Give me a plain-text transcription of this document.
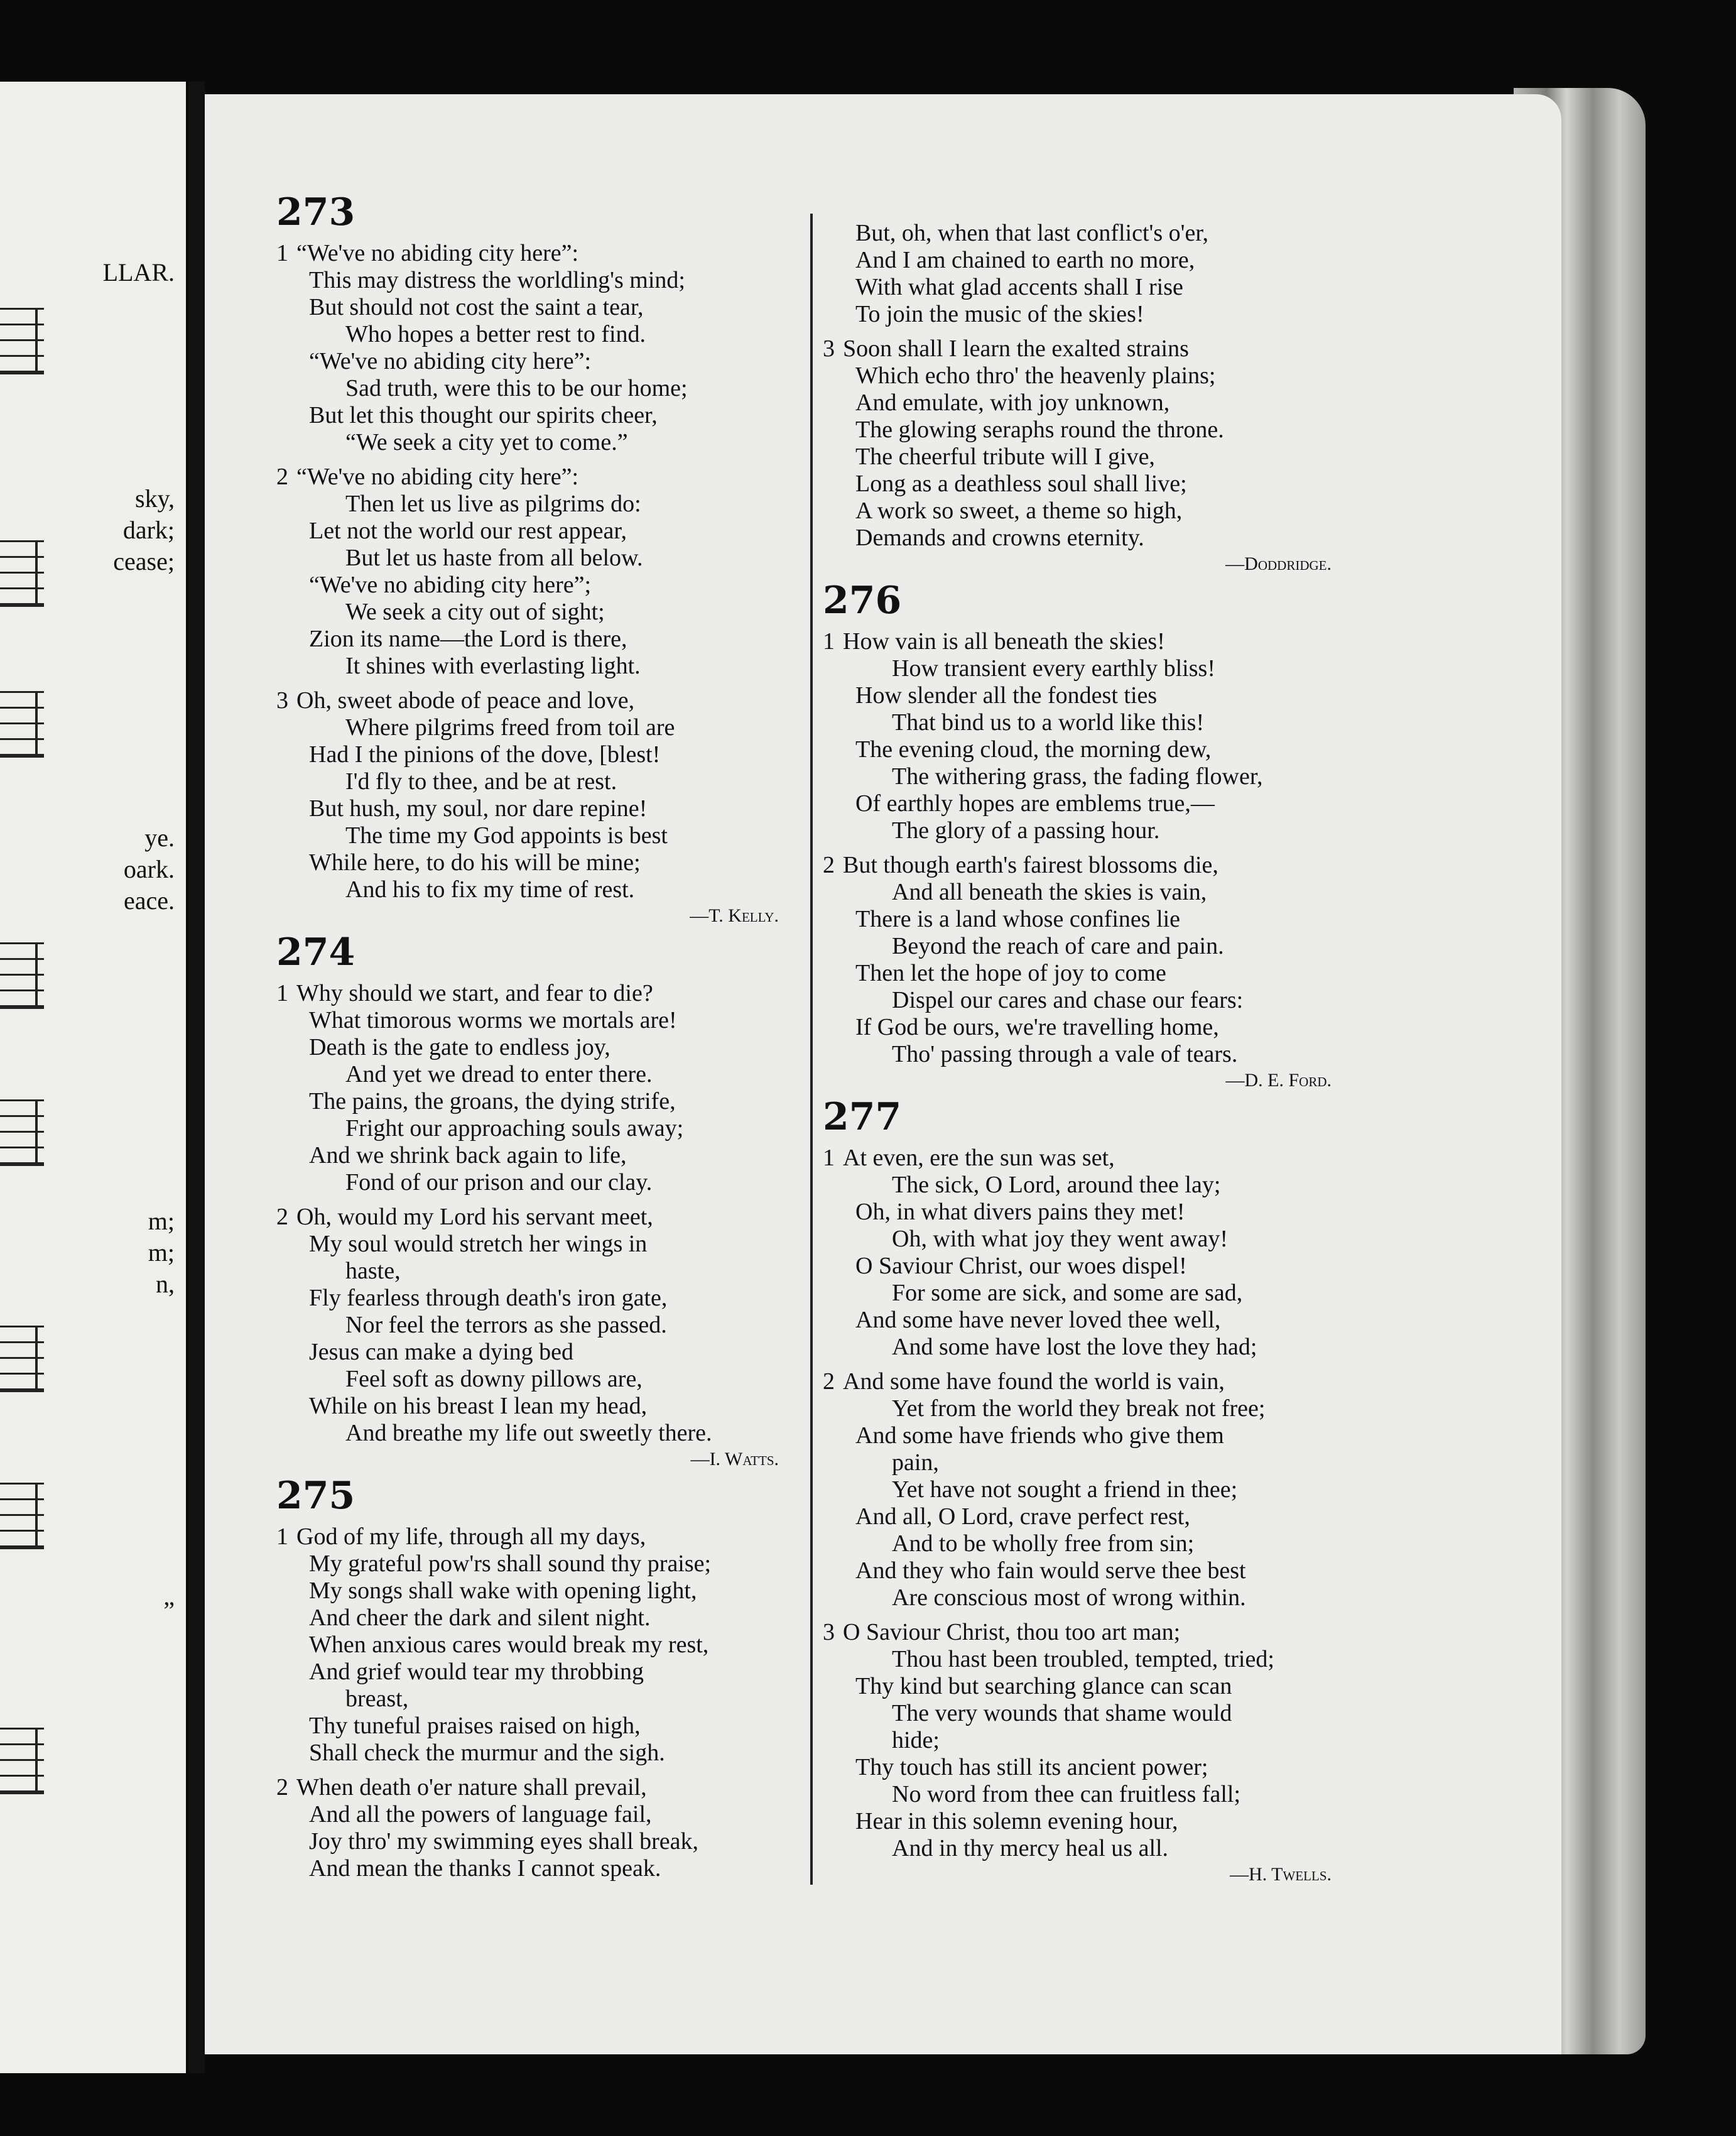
LLAR.
sky,
dark;
cease;
ye.
oark.
eace.
m;
m;
n,
”
273
1 “We've no abiding city here”:
This may distress the worldling's mind;
But should not cost the saint a tear,
Who hopes a better rest to find.
“We've no abiding city here”:
Sad truth, were this to be our home;
But let this thought our spirits cheer,
“We seek a city yet to come.”
2 “We've no abiding city here”:
Then let us live as pilgrims do:
Let not the world our rest appear,
But let us haste from all below.
“We've no abiding city here”;
We seek a city out of sight;
Zion its name—the Lord is there,
It shines with everlasting light.
3 Oh, sweet abode of peace and love,
Where pilgrims freed from toil are
Had I the pinions of the dove, [blest!
I'd fly to thee, and be at rest.
But hush, my soul, nor dare repine!
The time my God appoints is best
While here, to do his will be mine;
And his to fix my time of rest.
—T. Kelly.
274
1 Why should we start, and fear to die?
What timorous worms we mortals are!
Death is the gate to endless joy,
And yet we dread to enter there.
The pains, the groans, the dying strife,
Fright our approaching souls away;
And we shrink back again to life,
Fond of our prison and our clay.
2 Oh, would my Lord his servant meet,
My soul would stretch her wings in
haste,
Fly fearless through death's iron gate,
Nor feel the terrors as she passed.
Jesus can make a dying bed
Feel soft as downy pillows are,
While on his breast I lean my head,
And breathe my life out sweetly there.
—I. Watts.
275
1 God of my life, through all my days,
My grateful pow'rs shall sound thy praise;
My songs shall wake with opening light,
And cheer the dark and silent night.
When anxious cares would break my rest,
And grief would tear my throbbing
breast,
Thy tuneful praises raised on high,
Shall check the murmur and the sigh.
2 When death o'er nature shall prevail,
And all the powers of language fail,
Joy thro' my swimming eyes shall break,
And mean the thanks I cannot speak.
But, oh, when that last conflict's o'er,
And I am chained to earth no more,
With what glad accents shall I rise
To join the music of the skies!
3 Soon shall I learn the exalted strains
Which echo thro' the heavenly plains;
And emulate, with joy unknown,
The glowing seraphs round the throne.
The cheerful tribute will I give,
Long as a deathless soul shall live;
A work so sweet, a theme so high,
Demands and crowns eternity.
—Doddridge.
276
1 How vain is all beneath the skies!
How transient every earthly bliss!
How slender all the fondest ties
That bind us to a world like this!
The evening cloud, the morning dew,
The withering grass, the fading flower,
Of earthly hopes are emblems true,—
The glory of a passing hour.
2 But though earth's fairest blossoms die,
And all beneath the skies is vain,
There is a land whose confines lie
Beyond the reach of care and pain.
Then let the hope of joy to come
Dispel our cares and chase our fears:
If God be ours, we're travelling home,
Tho' passing through a vale of tears.
—D. E. Ford.
277
1 At even, ere the sun was set,
The sick, O Lord, around thee lay;
Oh, in what divers pains they met!
Oh, with what joy they went away!
O Saviour Christ, our woes dispel!
For some are sick, and some are sad,
And some have never loved thee well,
And some have lost the love they had;
2 And some have found the world is vain,
Yet from the world they break not free;
And some have friends who give them
pain,
Yet have not sought a friend in thee;
And all, O Lord, crave perfect rest,
And to be wholly free from sin;
And they who fain would serve thee best
Are conscious most of wrong within.
3 O Saviour Christ, thou too art man;
Thou hast been troubled, tempted, tried;
Thy kind but searching glance can scan
The very wounds that shame would
hide;
Thy touch has still its ancient power;
No word from thee can fruitless fall;
Hear in this solemn evening hour,
And in thy mercy heal us all.
—H. Twells.
